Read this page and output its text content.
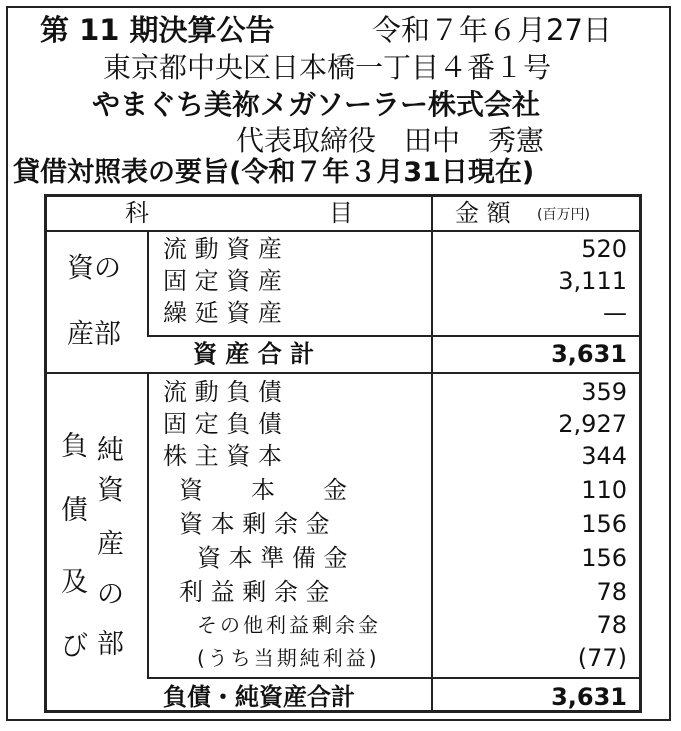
第 11 期決算公告	令和７年６月27日
東京都中央区日本橋一丁目４番１号
やまぐち美祢メガソーラー株式会社
代表取締役　田中　秀憲
貸借対照表の要旨(令和７年３月31日現在)
科	目	金 額 (百万円)
資の
産部
流 動 資 産	520
固 定 資 産	3,111
繰 延 資 産	—
資 産 合 計	3,631
負
債
及
び
純
資
産
の
部
流 動 負 債	359
固 定 負 債	2,927
株 主 資 本	344
資　　本　　金	110
資 本 剰 余 金	156
資 本 準 備 金	156
利 益 剰 余 金	78
その他利益剰余金	78
(うち当期純利益)	(77)
負債・純資産合計	3,631
